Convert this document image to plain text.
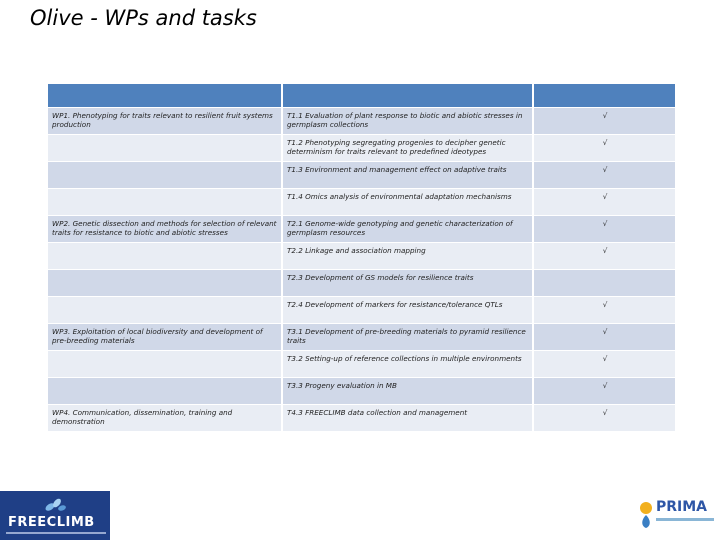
Olive - WPs and tasks

WP1. Phenotyping for traits relevant to resilient fruit systems production	T1.1 Evaluation of plant response to biotic and abiotic stresses in germplasm collections	√
	T1.2 Phenotyping segregating progenies to decipher genetic determinism for traits relevant to predefined ideotypes	√
	T1.3 Environment and management effect on adaptive traits	√
	T1.4 Omics analysis of environmental adaptation mechanisms	√
WP2. Genetic dissection and methods for selection of relevant traits for resistance to biotic and abiotic stresses	T2.1 Genome-wide genotyping and genetic characterization of germplasm resources	√
	T2.2 Linkage and association mapping	√
	T2.3 Development of GS models for resilience traits	
	T2.4 Development of markers for resistance/tolerance QTLs	√
WP3. Exploitation of local biodiversity and development of pre-breeding materials	T3.1 Development of pre-breeding materials to pyramid resilience traits	√
	T3.2 Setting-up of reference collections in multiple environments	√
	T3.3 Progeny evaluation in MB	√
WP4. Communication, dissemination, training and demonstration	T4.3 FREECLIMB data collection and management	√
FREECLIMB
PRIMA
